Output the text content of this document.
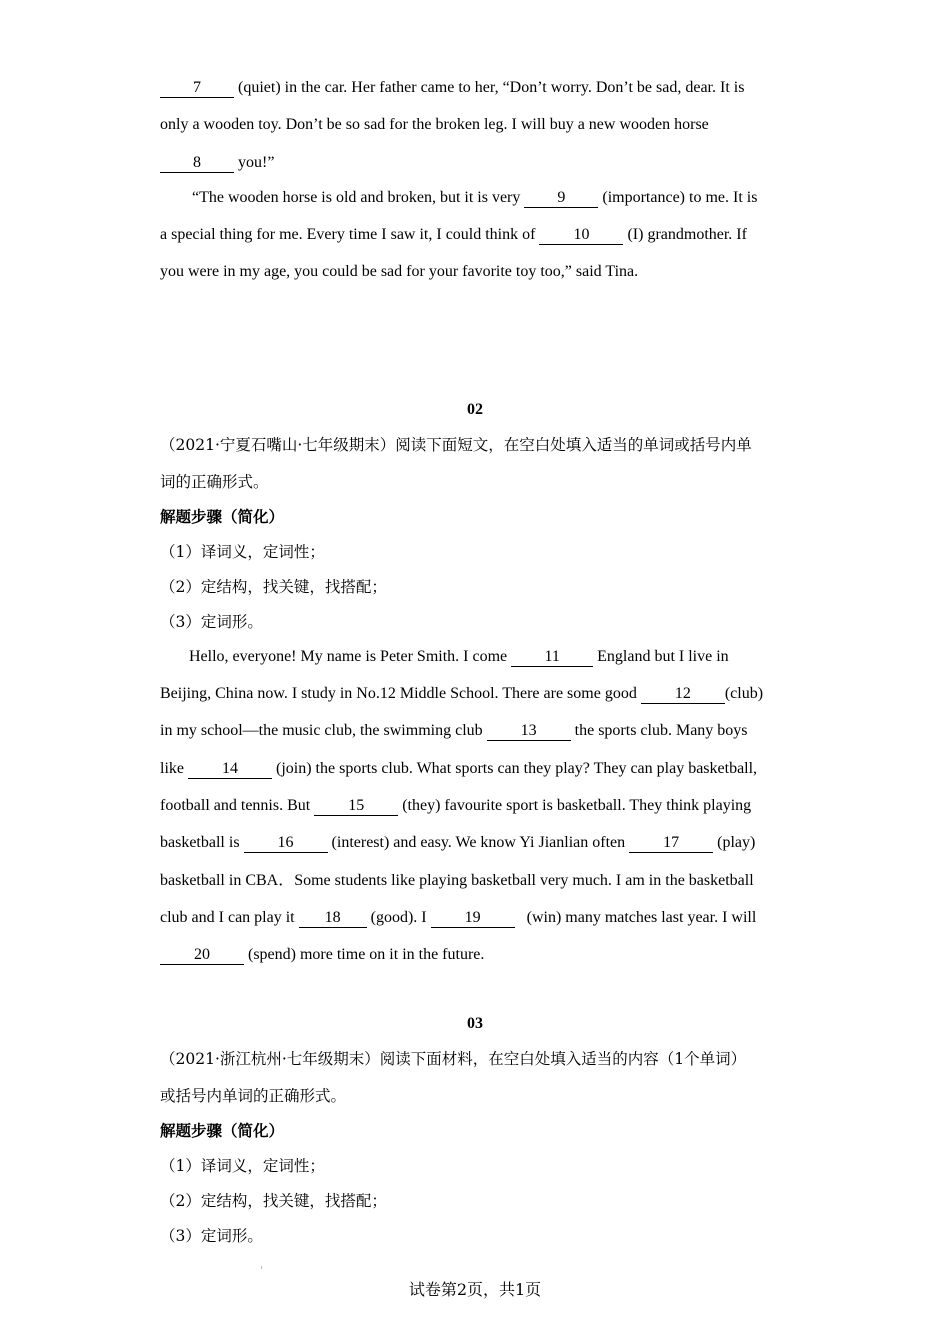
7 (quiet) in the car. Her father came to her, “Don’t worry. Don’t be sad, dear. It is
only a wooden toy. Don’t be so sad for the broken leg. I will buy a new wooden horse
8 you!”
“The wooden horse is old and broken, but it is very 9 (importance) to me. It is
a special thing for me. Every time I saw it, I could think of 10 (I) grandmother. If
you were in my age, you could be sad for your favorite toy too,” said Tina.
02
（2021·宁夏石嘴山·七年级期末）阅读下面短文，在空白处填入适当的单词或括号内单
词的正确形式。
解题步骤（简化）
（1）译词义，定词性；
（2）定结构，找关键，找搭配；
（3）定词形。
Hello, everyone! My name is Peter Smith. I come 11 England but I live in
Beijing, China now. I study in No.12 Middle School. There are some good 12 (club)
in my school—the music club, the swimming club 13 the sports club. Many boys
like 14 (join) the sports club. What sports can they play? They can play basketball,
football and tennis. But 15 (they) favourite sport is basketball. They think playing
basketball is 16 (interest) and easy. We know Yi Jianlian often 17 (play)
basketball in CBA．Some students like playing basketball very much. I am in the basketball
club and I can play it 18 (good). I 19   (win) many matches last year. I will
20 (spend) more time on it in the future.
03
（2021·浙江杭州·七年级期末）阅读下面材料，在空白处填入适当的内容（1个单词）
或括号内单词的正确形式。
解题步骤（简化）
（1）译词义，定词性；
（2）定结构，找关键，找搭配；
（3）定词形。
试卷第2页，共1页
